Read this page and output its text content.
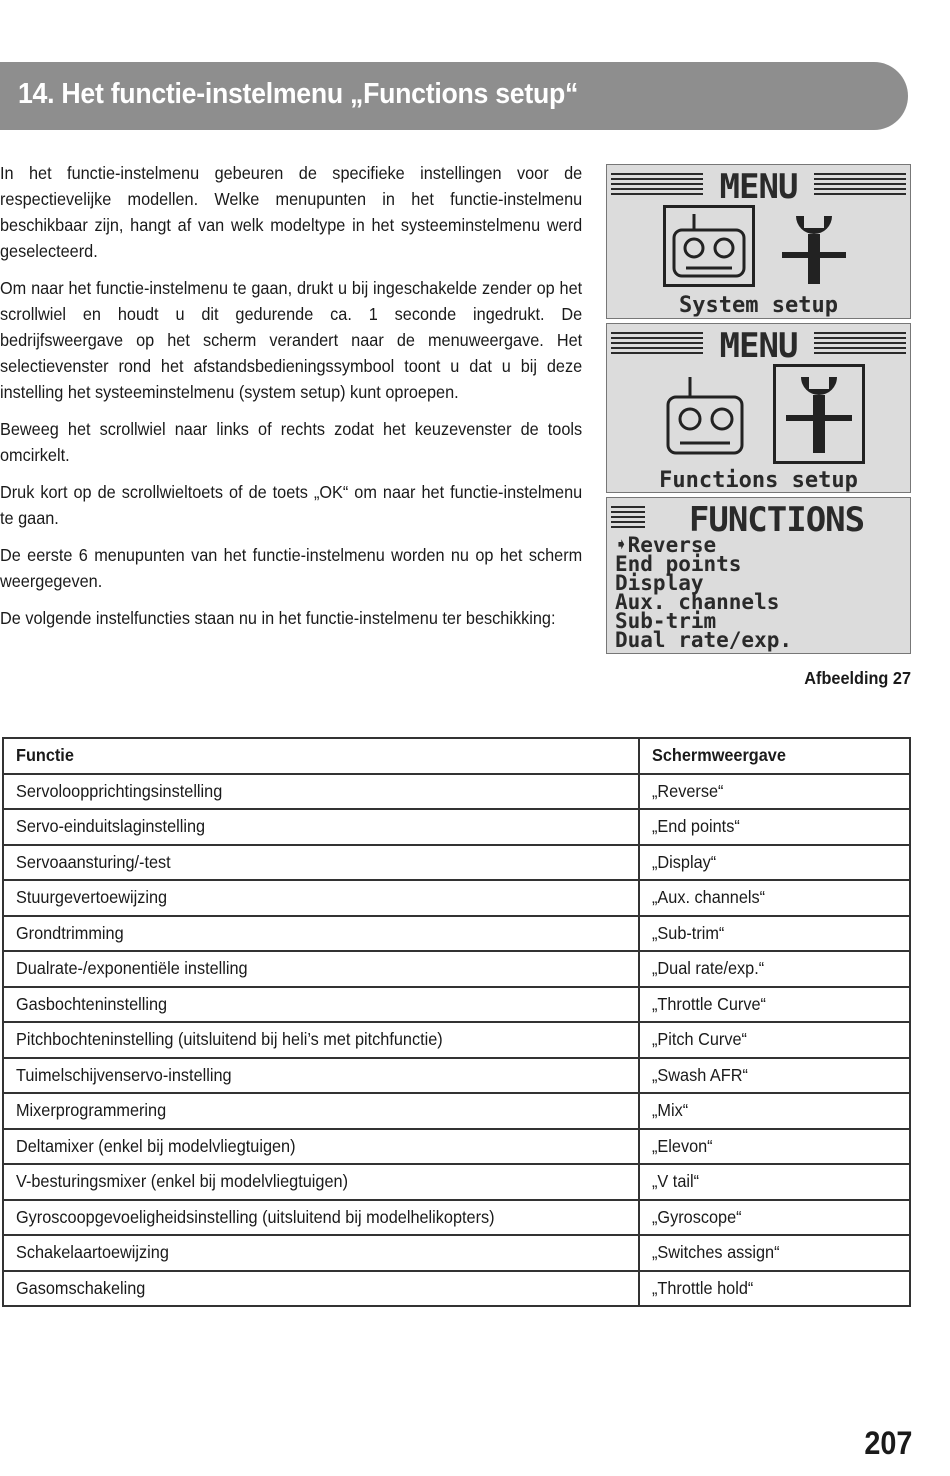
14. Het functie-instelmenu „Functions setup“

In het functie-instelmenu gebeuren de specifieke instellingen voor de respectievelijke modellen. Welke menupunten in het functie-instelmenu beschikbaar zijn, hangt af van welk modeltype in het systeeminstelmenu werd geselecteerd.

Om naar het functie-instelmenu te gaan, drukt u bij ingeschakelde zender op het scrollwiel en houdt u dit gedurende ca. 1 seconde ingedrukt. De bedrijfsweergave op het scherm verandert naar de menuweergave. Het selectievenster rond het afstandsbedieningssymbool toont u dat u bij deze instelling het systeeminstelmenu (system setup) kunt oproepen.

Beweeg het scrollwiel naar links of rechts zodat het keuzevenster de tools omcirkelt.

Druk kort op de scrollwieltoets of de toets „OK“ om naar het functie-instelmenu te gaan.

De eerste 6 menupunten van het functie-instelmenu worden nu op het scherm weergegeven.

De volgende instelfuncties staan nu in het functie-instelmenu ter beschikking:

MENU
System setup
MENU
Functions setup
FUNCTIONS
➧Reverse
End points
Display
Aux. channels
Sub-trim
Dual rate/exp.
Afbeelding 27
Functie	Schermweergave
Servoloopprichtingsinstelling	„Reverse“
Servo-einduitslaginstelling	„End points“
Servoaansturing/-test	„Display“
Stuurgevertoewijzing	„Aux. channels“
Grondtrimming	„Sub-trim“
Dualrate-/exponentiële instelling	„Dual rate/exp.“
Gasbochteninstelling	„Throttle Curve“
Pitchbochteninstelling (uitsluitend bij heli’s met pitchfunctie)	„Pitch Curve“
Tuimelschijvenservo-instelling	„Swash AFR“
Mixerprogrammering	„Mix“
Deltamixer (enkel bij modelvliegtuigen)	„Elevon“
V-besturingsmixer (enkel bij modelvliegtuigen)	„V tail“
Gyroscoopgevoeligheidsinstelling (uitsluitend bij modelhelikopters)	„Gyroscope“
Schakelaartoewijzing	„Switches assign“
Gasomschakeling	„Throttle hold“
207
